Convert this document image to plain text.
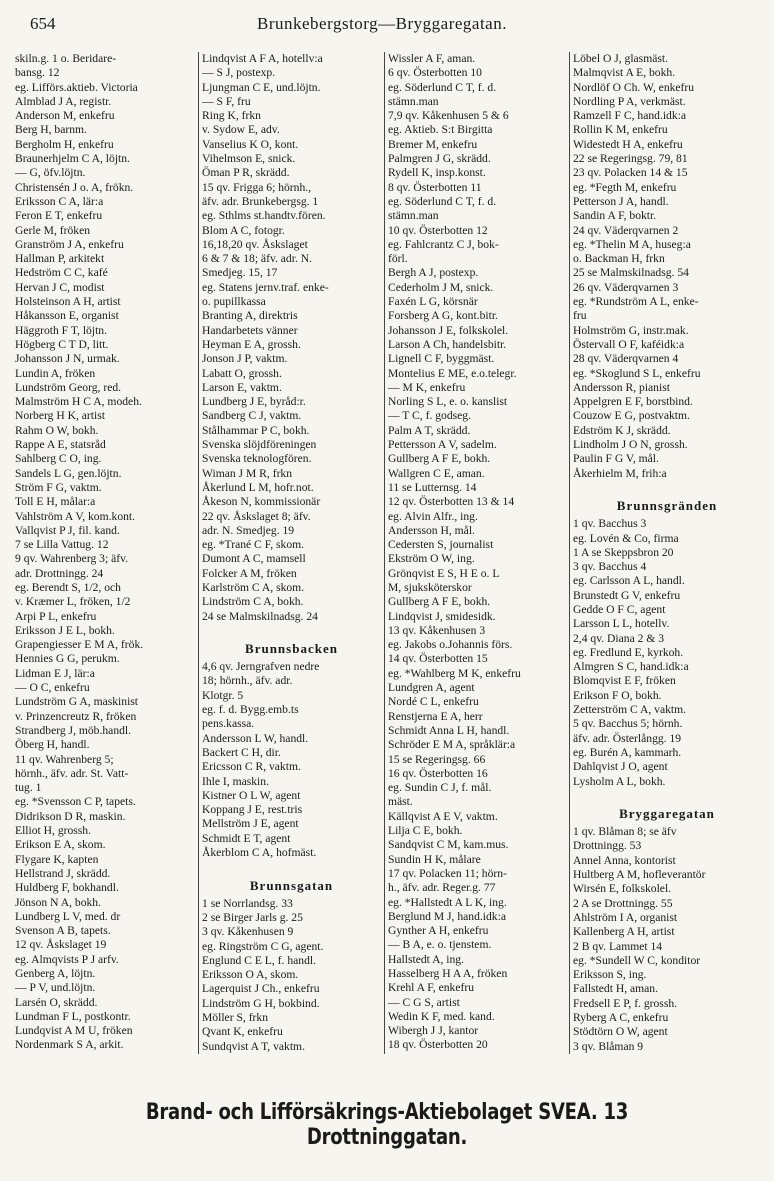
654	Brunkebergstorg—Bryggaregatan.
skiln.g. 1 o. Beridare-
bansg. 12
eg. Lifförs.aktieb. Victoria
Almblad J A, registr.
Anderson M, enkefru
Berg H, barnm.
Bergholm H, enkefru
Braunerhjelm C A, löjtn.
— G, öfv.löjtn.
Christensén J o. A, frökn.
Eriksson C A, lär:a
Feron E T, enkefru
Gerle M, fröken
Granström J A, enkefru
Hallman P, arkitekt
Hedström C C, kafé
Hervan J C, modist
Holsteinson A H, artist
Håkansson E, organist
Häggroth F T, löjtn.
Högberg C T D, litt.
Johansson J N, urmak.
Lundin A, fröken
Lundström Georg, red.
Malmström H C A, modeh.
Norberg H K, artist
Rahm O W, bokh.
Rappe A E, statsråd
Sahlberg C O, ing.
Sandels L G, gen.löjtn.
Ström F G, vaktm.
Toll E H, målar:a
Vahlström A V, kom.kont.
Vallqvist P J, fil. kand.
7 se Lilla Vattug. 12
9 qv. Wahrenberg 3; äfv.
adr. Drottningg. 24
eg. Berendt S, 1/2, och
v. Kræmer L, fröken, 1/2
Arpi P L, enkefru
Eriksson J E L, bokh.
Grapengiesser E M A, frök.
Hennies G G, perukm.
Lidman E J, lär:a
— O C, enkefru
Lundström G A, maskinist
v. Prinzencreutz R, fröken
Strandberg J, möb.handl.
Öberg H, handl.
11 qv. Wahrenberg 5;
hörnh., äfv. adr. St. Vatt-
tug. 1
eg. *Svensson C P, tapets.
Didrikson D R, maskin.
Elliot H, grossh.
Erikson E A, skom.
Flygare K, kapten
Hellstrand J, skrädd.
Huldberg F, bokhandl.
Jönson N A, bokh.
Lundberg L V, med. dr
Svenson A B, tapets.
12 qv. Åskslaget 19
eg. Almqvists P J arfv.
Genberg A, löjtn.
— P V, und.löjtn.
Larsén O, skrädd.
Lundman F L, postkontr.
Lundqvist A M U, fröken
Nordenmark S A, arkit.
Lindqvist A F A, hotellv:a
— S J, postexp.
Ljungman C E, und.löjtn.
— S F, fru
Ring K, frkn
v. Sydow E, adv.
Vanselius K O, kont.
Vihelmson E, snick.
Öman P R, skrädd.
15 qv. Frigga 6; hörnh.,
äfv. adr. Brunkebergsg. 1
eg. Sthlms st.handtv.fören.
Blom A C, fotogr.
16,18,20 qv. Åskslaget
6 & 7 & 18; äfv. adr. N.
Smedjeg. 15, 17
eg. Statens jernv.traf. enke-
o. pupillkassa
Branting A, direktris
Handarbetets vänner
Heyman E A, grossh.
Jonson J P, vaktm.
Labatt O, grossh.
Larson E, vaktm.
Lundberg J E, byråd:r.
Sandberg C J, vaktm.
Stålhammar P C, bokh.
Svenska slöjdföreningen
Svenska teknologfören.
Wiman J M R, frkn
Åkerlund L M, hofr.not.
Åkeson N, kommissionär
22 qv. Åskslaget 8; äfv.
adr. N. Smedjeg. 19
eg. *Trané C F, skom.
Dumont A C, mamsell
Folcker A M, fröken
Karlström C A, skom.
Lindström C A, bokh.
24 se Malmskilnadsg. 24

Brunnsbacken
4,6 qv. Jerngrafven nedre
18; hörnh., äfv. adr.
Klotgr. 5
eg. f. d. Bygg.emb.ts
pens.kassa.
Andersson L W, handl.
Backert C H, dir.
Ericsson C R, vaktm.
Ihle I, maskin.
Kistner O L W, agent
Koppang J E, rest.tris
Mellström J E, agent
Schmidt E T, agent
Åkerblom C A, hofmäst.

Brunnsgatan
1 se Norrlandsg. 33
2 se Birger Jarls g. 25
3 qv. Kåkenhusen 9
eg. Ringström C G, agent.
Englund C E L, f. handl.
Eriksson O A, skom.
Lagerquist J Ch., enkefru
Lindström G H, bokbind.
Möller S, frkn
Qvant K, enkefru
Sundqvist A T, vaktm.
Wissler A F, aman.
6 qv. Österbotten 10
eg. Söderlund C T, f. d.
stämn.man
7,9 qv. Kåkenhusen 5 & 6
eg. Aktieb. S:t Birgitta
Bremer M, enkefru
Palmgren J G, skrädd.
Rydell K, insp.konst.
8 qv. Österbotten 11
eg. Söderlund C T, f. d.
stämn.man
10 qv. Österbotten 12
eg. Fahlcrantz C J, bok-
förl.
Bergh A J, postexp.
Cederholm J M, snick.
Faxén L G, körsnär
Forsberg A G, kont.bitr.
Johansson J E, folkskolel.
Larson A Ch, handelsbitr.
Lignell C F, byggmäst.
Montelius E ME, e.o.telegr.
— M K, enkefru
Norling S L, e. o. kanslist
— T C, f. godseg.
Palm A T, skrädd.
Pettersson A V, sadelm.
Gullberg A F E, bokh.
Wallgren C E, aman.
11 se Lutternsg. 14
12 qv. Österbotten 13 & 14
eg. Alvin Alfr., ing.
Andersson H, mål.
Cedersten S, journalist
Ekström O W, ing.
Grönqvist E S, H E o. L
M, sjuksköterskor
Gullberg A F E, bokh.
Lindqvist J, smidesidk.
13 qv. Kåkenhusen 3
eg. Jakobs o.Johannis förs.
14 qv. Österbotten 15
eg. *Wahlberg M K, enkefru
Lundgren A, agent
Nordé C L, enkefru
Renstjerna E A, herr
Schmidt Anna L H, handl.
Schröder E M A, språklär:a
15 se Regeringsg. 66
16 qv. Österbotten 16
eg. Sundin C J, f. mål.
mäst.
Källqvist A E V, vaktm.
Lilja C E, bokh.
Sandqvist C M, kam.mus.
Sundin H K, målare
17 qv. Polacken 11; hörn-
h., äfv. adr. Reger.g. 77
eg. *Hallstedt A L K, ing.
Berglund M J, hand.idk:a
Gynther A H, enkefru
— B A, e. o. tjenstem.
Hallstedt A, ing.
Hasselberg H A A, fröken
Krehl A F, enkefru
— C G S, artist
Wedin K F, med. kand.
Wibergh J J, kantor
18 qv. Österbotten 20
Löbel O J, glasmäst.
Malmqvist A E, bokh.
Nordlöf O Ch. W, enkefru
Nordling P A, verkmäst.
Ramzell F C, hand.idk:a
Rollin K M, enkefru
Widestedt H A, enkefru
22 se Regeringsg. 79, 81
23 qv. Polacken 14 & 15
eg. *Fegth M, enkefru
Petterson J A, handl.
Sandin A F, boktr.
24 qv. Väderqvarnen 2
eg. *Thelin M A, huseg:a
o. Backman H, frkn
25 se Malmskilnadsg. 54
26 qv. Väderqvarnen 3
eg. *Rundström A L, enke-
fru
Holmström G, instr.mak.
Östervall O F, kaféidk:a
28 qv. Väderqvarnen 4
eg. *Skoglund S L, enkefru
Andersson R, pianist
Appelgren E F, borstbind.
Couzow E G, postvaktm.
Edström K J, skrädd.
Lindholm J O N, grossh.
Paulin F G V, mål.
Åkerhielm M, frih:a

Brunnsgränden
1 qv. Bacchus 3
eg. Lovén & Co, firma
1 A se Skeppsbron 20
3 qv. Bacchus 4
eg. Carlsson A L, handl.
Brunstedt G V, enkefru
Gedde O F C, agent
Larsson L L, hotellv.
2,4 qv. Diana 2 & 3
eg. Fredlund E, kyrkoh.
Almgren S C, hand.idk:a
Blomqvist E F, fröken
Erikson F O, bokh.
Zetterström C A, vaktm.
5 qv. Bacchus 5; hörnh.
äfv. adr. Österlångg. 19
eg. Burén A, kammarh.
Dahlqvist J O, agent
Lysholm A L, bokh.

Bryggaregatan
1 qv. Blåman 8; se äfv
Drottningg. 53
Annel Anna, kontorist
Hultberg A M, hofleverantör
Wirsén E, folkskolel.
2 A se Drottningg. 55
Ahlström I A, organist
Kallenberg A H, artist
2 B qv. Lammet 14
eg. *Sundell W C, konditor
Eriksson S, ing.
Fallstedt H, aman.
Fredsell E P, f. grossh.
Ryberg A C, enkefru
Stödtörn O W, agent
3 qv. Blåman 9
Brand- och Lifförsäkrings-Aktiebolaget SVEA. 13 Drottninggatan.
